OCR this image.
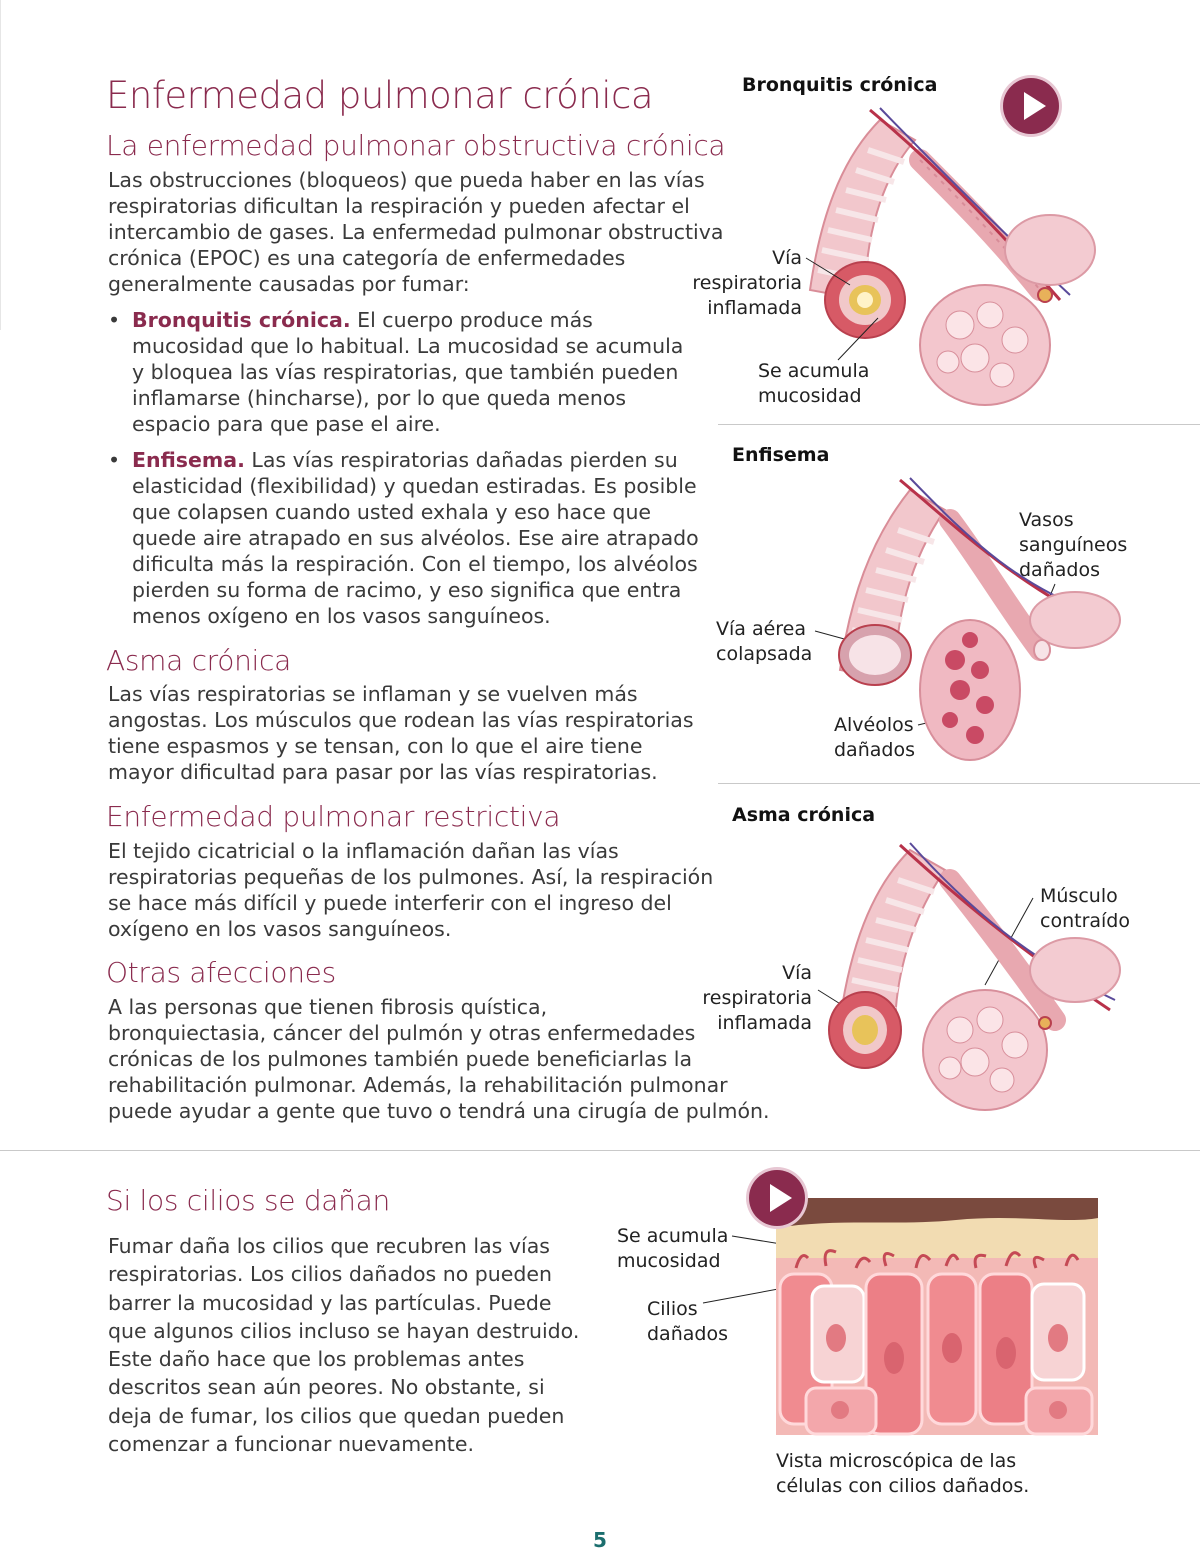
Enfermedad pulmonar crónica
La enfermedad pulmonar obstructiva crónica
Las obstrucciones (bloqueos) que pueda haber en las vías
respiratorias dificultan la respiración y pueden afectar el
intercambio de gases. La enfermedad pulmonar obstructiva
crónica (EPOC) es una categoría de enfermedades
generalmente causadas por fumar:
• Bronquitis crónica. El cuerpo produce más
mucosidad que lo habitual. La mucosidad se acumula
y bloquea las vías respiratorias, que también pueden
inflamarse (hincharse), por lo que queda menos
espacio para que pase el aire.
• Enfisema. Las vías respiratorias dañadas pierden su
elasticidad (flexibilidad) y quedan estiradas. Es posible
que colapsen cuando usted exhala y eso hace que
quede aire atrapado en sus alvéolos. Ese aire atrapado
dificulta más la respiración. Con el tiempo, los alvéolos
pierden su forma de racimo, y eso significa que entra
menos oxígeno en los vasos sanguíneos.
Asma crónica
Las vías respiratorias se inflaman y se vuelven más
angostas. Los músculos que rodean las vías respiratorias
tiene espasmos y se tensan, con lo que el aire tiene
mayor dificultad para pasar por las vías respiratorias.
Enfermedad pulmonar restrictiva
El tejido cicatricial o la inflamación dañan las vías
respiratorias pequeñas de los pulmones. Así, la respiración
se hace más difícil y puede interferir con el ingreso del
oxígeno en los vasos sanguíneos.
Otras afecciones
A las personas que tienen fibrosis quística,
bronquiectasia, cáncer del pulmón y otras enfermedades
crónicas de los pulmones también puede beneficiarlas la
rehabilitación pulmonar. Además, la rehabilitación pulmonar
puede ayudar a gente que tuvo o tendrá una cirugía de pulmón.
Bronquitis crónica
Vía
respiratoria
inflamada
Se acumula
mucosidad
Enfisema
Vasos
sanguíneos
dañados
Vía aérea
colapsada
Alvéolos
dañados
Asma crónica
Músculo
contraído
Vía
respiratoria
inflamada
Si los cilios se dañan
Fumar daña los cilios que recubren las vías
respiratorias. Los cilios dañados no pueden
barrer la mucosidad y las partículas. Puede
que algunos cilios incluso se hayan destruido.
Este daño hace que los problemas antes
descritos sean aún peores. No obstante, si
deja de fumar, los cilios que quedan pueden
comenzar a funcionar nuevamente.
Se acumula
mucosidad
Cilios
dañados
Vista microscópica de las
células con cilios dañados.
5
